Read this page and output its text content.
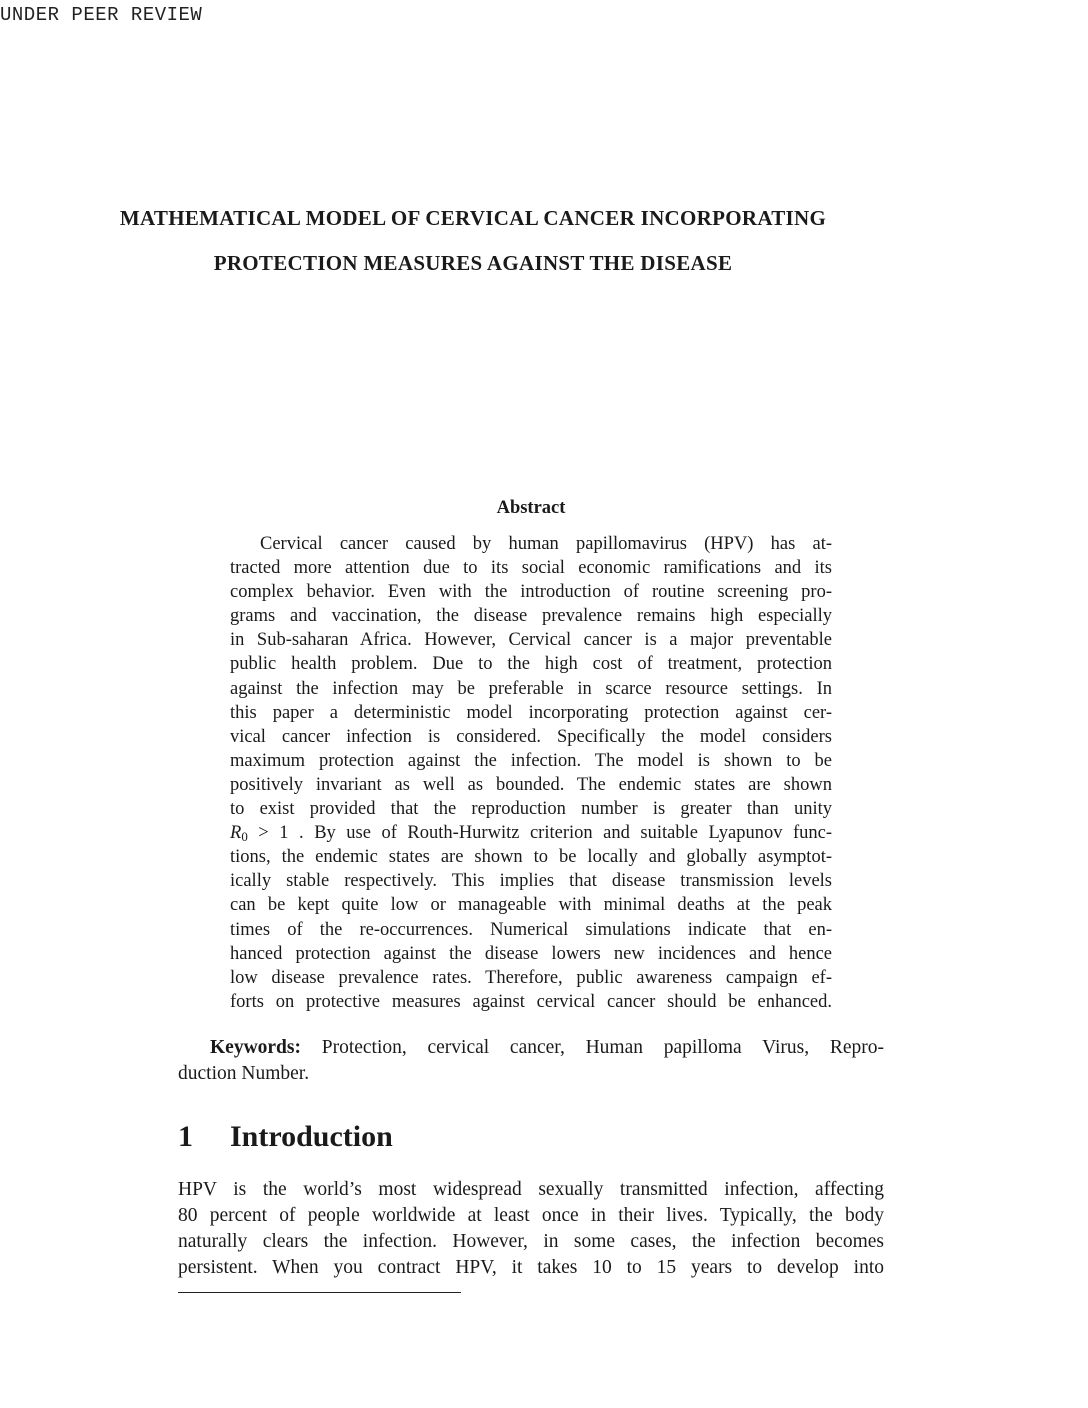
UNDER PEER REVIEW
MATHEMATICAL MODEL OF CERVICAL CANCER INCORPORATING
PROTECTION MEASURES AGAINST THE DISEASE
Abstract
Cervical cancer caused by human papillomavirus (HPV) has at-
tracted more attention due to its social economic ramifications and its
complex behavior. Even with the introduction of routine screening pro-
grams and vaccination, the disease prevalence remains high especially
in Sub-saharan Africa. However, Cervical cancer is a major preventable
public health problem. Due to the high cost of treatment, protection
against the infection may be preferable in scarce resource settings. In
this paper a deterministic model incorporating protection against cer-
vical cancer infection is considered. Specifically the model considers
maximum protection against the infection. The model is shown to be
positively invariant as well as bounded. The endemic states are shown
to exist provided that the reproduction number is greater than unity
$R_0 > 1$ . By use of Routh-Hurwitz criterion and suitable Lyapunov func-
tions, the endemic states are shown to be locally and globally asymptot-
ically stable respectively. This implies that disease transmission levels
can be kept quite low or manageable with minimal deaths at the peak
times of the re-occurrences. Numerical simulations indicate that en-
hanced protection against the disease lowers new incidences and hence
low disease prevalence rates. Therefore, public awareness campaign ef-
forts on protective measures against cervical cancer should be enhanced.
Keywords: Protection, cervical cancer, Human papilloma Virus, Repro-
duction Number.
1 Introduction
HPV is the world’s most widespread sexually transmitted infection, affecting
80 percent of people worldwide at least once in their lives. Typically, the body
naturally clears the infection. However, in some cases, the infection becomes
persistent. When you contract HPV, it takes 10 to 15 years to develop into
